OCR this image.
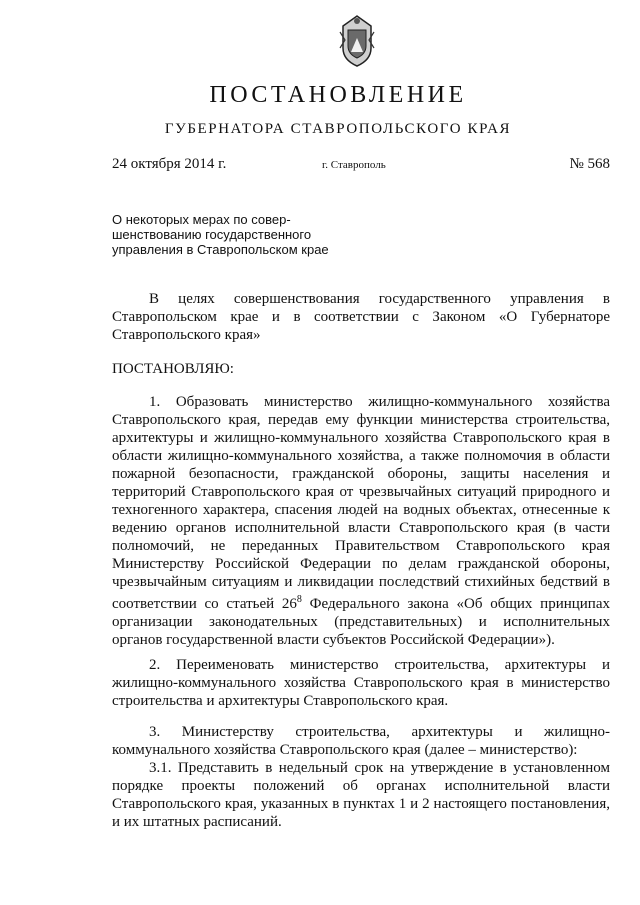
ПОСТАНОВЛЕНИЕ
ГУБЕРНАТОРА СТАВРОПОЛЬСКОГО КРАЯ
24 октября 2014 г.	г. Ставрополь	№ 568
О некоторых мерах по совер-
шенствованию государственного
управления в Ставропольском крае

В целях совершенствования государственного управления в Ставропольском крае и в соответствии с Законом «О Губернаторе Ставропольского края»

ПОСТАНОВЛЯЮ:

1. Образовать министерство жилищно-коммунального хозяйства Ставропольского края, передав ему функции министерства строительства, архитектуры и жилищно-коммунального хозяйства Ставропольского края в области жилищно-коммунального хозяйства, а также полномочия в области пожарной безопасности, гражданской обороны, защиты населения и территорий Ставропольского края от чрезвычайных ситуаций природного и техногенного характера, спасения людей на водных объектах, отнесенные к ведению органов исполнительной власти Ставропольского края (в части полномочий, не переданных Правительством Ставропольского края Министерству Российской Федерации по делам гражданской обороны, чрезвычайным ситуациям и ликвидации последствий стихийных бедствий в соответствии со статьей $26^8$ Федерального закона «Об общих принципах организации законодательных (представительных) и исполнительных органов государственной власти субъектов Российской Федерации»).

2. Переименовать министерство строительства, архитектуры и жилищно-коммунального хозяйства Ставропольского края в министерство строительства и архитектуры Ставропольского края.

3. Министерству строительства, архитектуры и жилищно-коммунального хозяйства Ставропольского края (далее – министерство):

3.1. Представить в недельный срок на утверждение в установленном порядке проекты положений об органах исполнительной власти Ставропольского края, указанных в пунктах 1 и 2 настоящего постановления, и их штатных расписаний.
